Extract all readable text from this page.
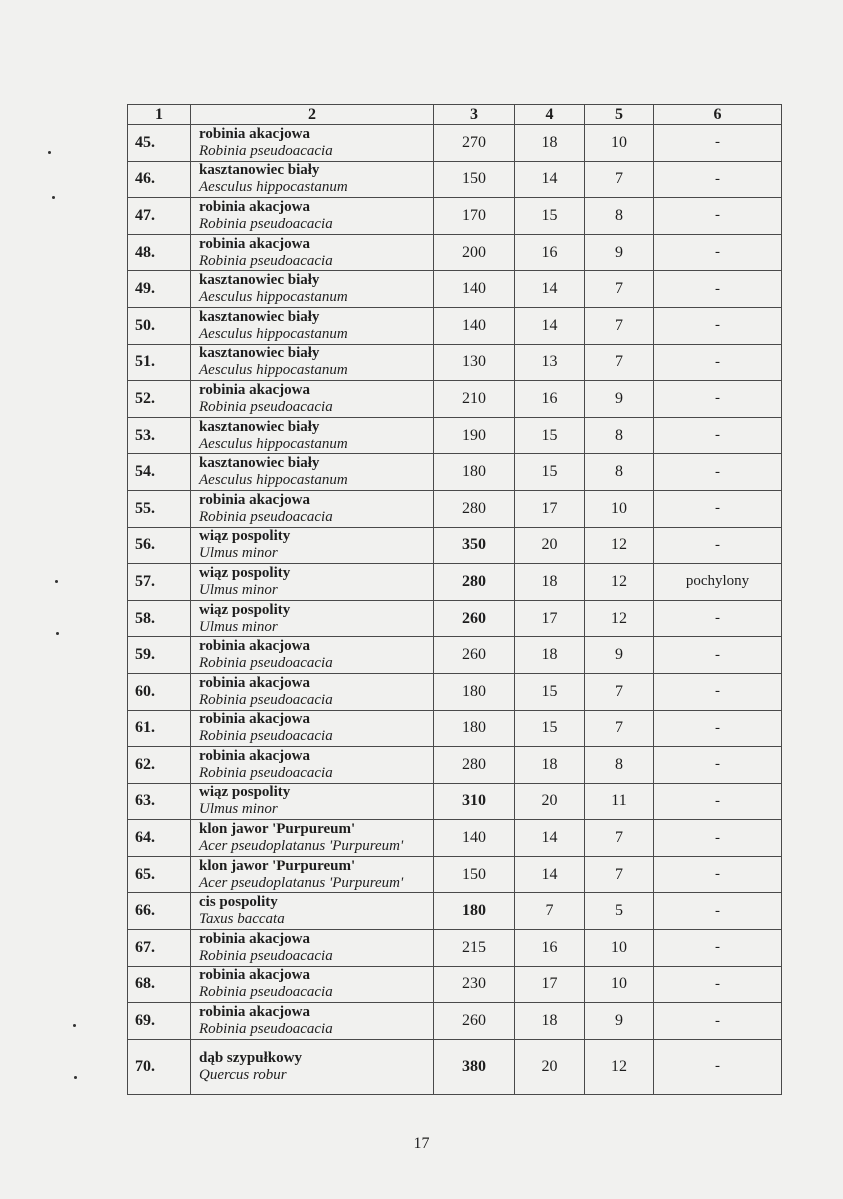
1	2	3	4	5	6
45.	robinia akacjowa
Robinia pseudoacacia	270	18	10	-
46.	kasztanowiec biały
Aesculus hippocastanum	150	14	7	-
47.	robinia akacjowa
Robinia pseudoacacia	170	15	8	-
48.	robinia akacjowa
Robinia pseudoacacia	200	16	9	-
49.	kasztanowiec biały
Aesculus hippocastanum	140	14	7	-
50.	kasztanowiec biały
Aesculus hippocastanum	140	14	7	-
51.	kasztanowiec biały
Aesculus hippocastanum	130	13	7	-
52.	robinia akacjowa
Robinia pseudoacacia	210	16	9	-
53.	kasztanowiec biały
Aesculus hippocastanum	190	15	8	-
54.	kasztanowiec biały
Aesculus hippocastanum	180	15	8	-
55.	robinia akacjowa
Robinia pseudoacacia	280	17	10	-
56.	wiąz pospolity
Ulmus minor	350	20	12	-
57.	wiąz pospolity
Ulmus minor	280	18	12	pochylony
58.	wiąz pospolity
Ulmus minor	260	17	12	-
59.	robinia akacjowa
Robinia pseudoacacia	260	18	9	-
60.	robinia akacjowa
Robinia pseudoacacia	180	15	7	-
61.	robinia akacjowa
Robinia pseudoacacia	180	15	7	-
62.	robinia akacjowa
Robinia pseudoacacia	280	18	8	-
63.	wiąz pospolity
Ulmus minor	310	20	11	-
64.	klon jawor 'Purpureum'
Acer pseudoplatanus 'Purpureum'	140	14	7	-
65.	klon jawor 'Purpureum'
Acer pseudoplatanus 'Purpureum'	150	14	7	-
66.	cis pospolity
Taxus baccata	180	7	5	-
67.	robinia akacjowa
Robinia pseudoacacia	215	16	10	-
68.	robinia akacjowa
Robinia pseudoacacia	230	17	10	-
69.	robinia akacjowa
Robinia pseudoacacia	260	18	9	-
70.	dąb szypułkowy
Quercus robur	380	20	12	-
17
